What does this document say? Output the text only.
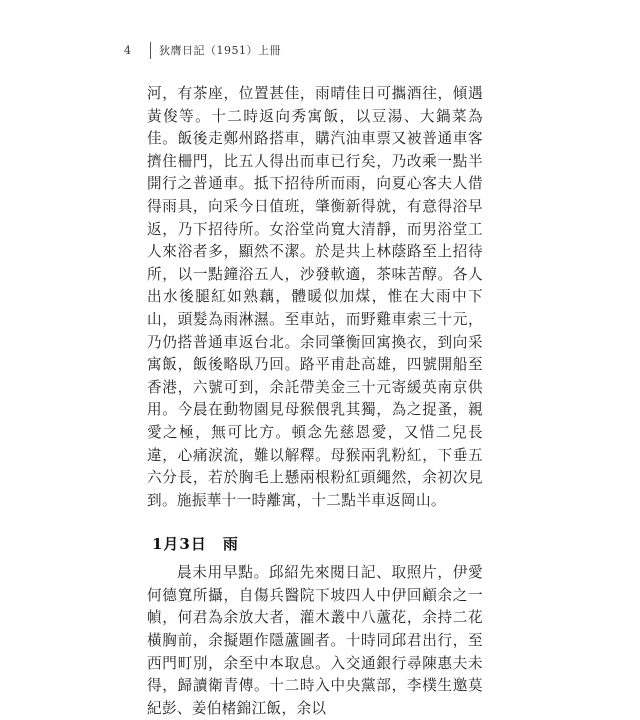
4	狄膺日記（1951）上冊

河，有茶座，位置甚佳，雨晴佳日可攜酒往，傾遇黃俊等。十二時返向秀寓飯，以豆湯、大鍋菜為佳。飯後走鄭州路搭車，購汽油車票又被普通車客擠住柵門，比五人得出而車已行矣，乃改乘一點半開行之普通車。抵下招待所而雨，向夏心客夫人借得雨具，向采今日值班，肇衡新得就，有意得浴早返，乃下招待所。女浴堂尚寬大清靜，而男浴堂工人來浴者多，顯然不潔。於是共上林蔭路至上招待所，以一點鐘浴五人，沙發軟適，茶味苦醇。各人出水後腿紅如熟藕，體暖似加煤，惟在大雨中下山，頭髮為雨淋濕。至車站，而野雞車索三十元，乃仍搭普通車返台北。余同肇衡回寓換衣，到向采寓飯，飯後略臥乃回。路平甫赴高雄，四號開船至香港，六號可到，余託帶美金三十元寄緩英南京供用。今晨在動物園見母猴偎乳其獨，為之捉蚤，親愛之極，無可比方。頓念先慈恩愛，又惜二兒長違，心痛淚流，難以解釋。母猴兩乳粉紅，下垂五六分長，若於胸毛上懸兩根粉紅頭繩然，余初次見到。施振華十一時離寓，十二點半車返岡山。

1月3日　雨

晨未用早點。邱紹先來閱日記、取照片，伊愛何德寬所攝，自傷兵醫院下坡四人中伊回顧余之一幀，何君為余放大者，灌木叢中八蘆花，余持二花橫胸前，余擬題作隱蘆圖者。十時同邱君出行，至西門町別，余至中本取息。入交通銀行尋陳惠夫未得，歸讀衛青傳。十二時入中央黨部，李樸生邀莫紀彭、姜伯楮錦江飯，余以
